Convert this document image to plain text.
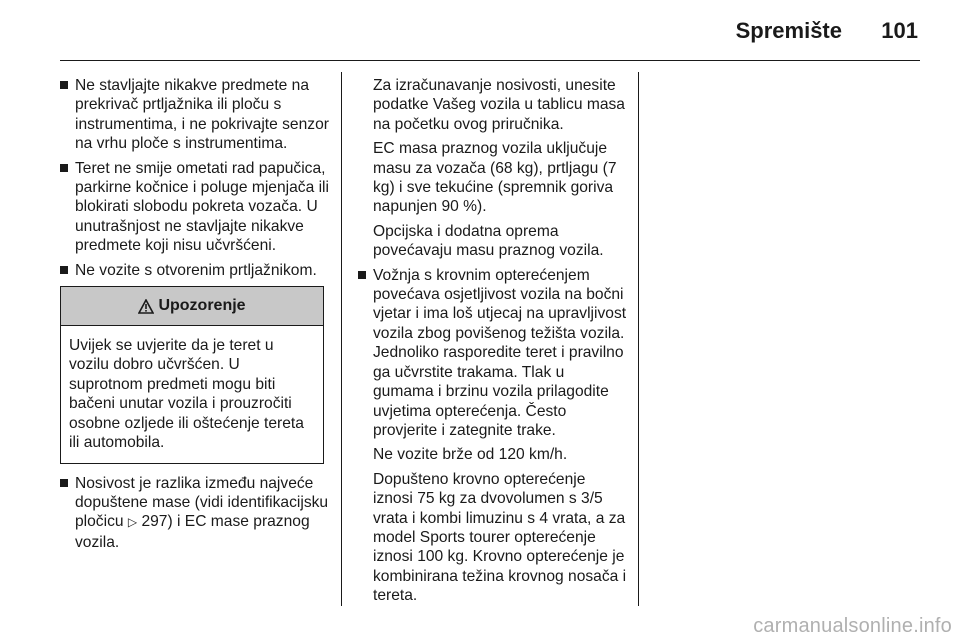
Spremište 101
Ne stavljajte nikakve predmete na prekrivač prtljažnika ili ploču s instrumentima, i ne pokrivajte senzor na vrhu ploče s instrumentima.
Teret ne smije ometati rad papučica, parkirne kočnice i poluge mjenjača ili blokirati slobodu pokreta vozača. U unutrašnjost ne stavljajte nikakve predmete koji nisu učvršćeni.
Ne vozite s otvorenim prtljažnikom.
Upozorenje
Uvijek se uvjerite da je teret u vozilu dobro učvršćen. U suprotnom predmeti mogu biti bačeni unutar vozila i prouzročiti osobne ozljede ili oštećenje tereta ili automobila.
Nosivost je razlika između najveće dopuštene mase (vidi identifikacijsku pločicu ▷ 297) i EC mase praznog vozila.
Za izračunavanje nosivosti, unesite podatke Vašeg vozila u tablicu masa na početku ovog priručnika.
EC masa praznog vozila uključuje masu za vozača (68 kg), prtljagu (7 kg) i sve tekućine (spremnik goriva napunjen 90 %).
Opcijska i dodatna oprema povećavaju masu praznog vozila.
Vožnja s krovnim opterećenjem povećava osjetljivost vozila na bočni vjetar i ima loš utjecaj na upravljivost vozila zbog povišenog težišta vozila. Jednoliko rasporedite teret i pravilno ga učvrstite trakama. Tlak u gumama i brzinu vozila prilagodite uvjetima opterećenja. Često provjerite i zategnite trake.
Ne vozite brže od 120 km/h.
Dopušteno krovno opterećenje iznosi 75 kg za dvovolumen s 3/5 vrata i kombi limuzinu s 4 vrata, a za model Sports tourer opterećenje iznosi 100 kg. Krovno opterećenje je kombinirana težina krovnog nosača i tereta.
carmanualsonline.info
